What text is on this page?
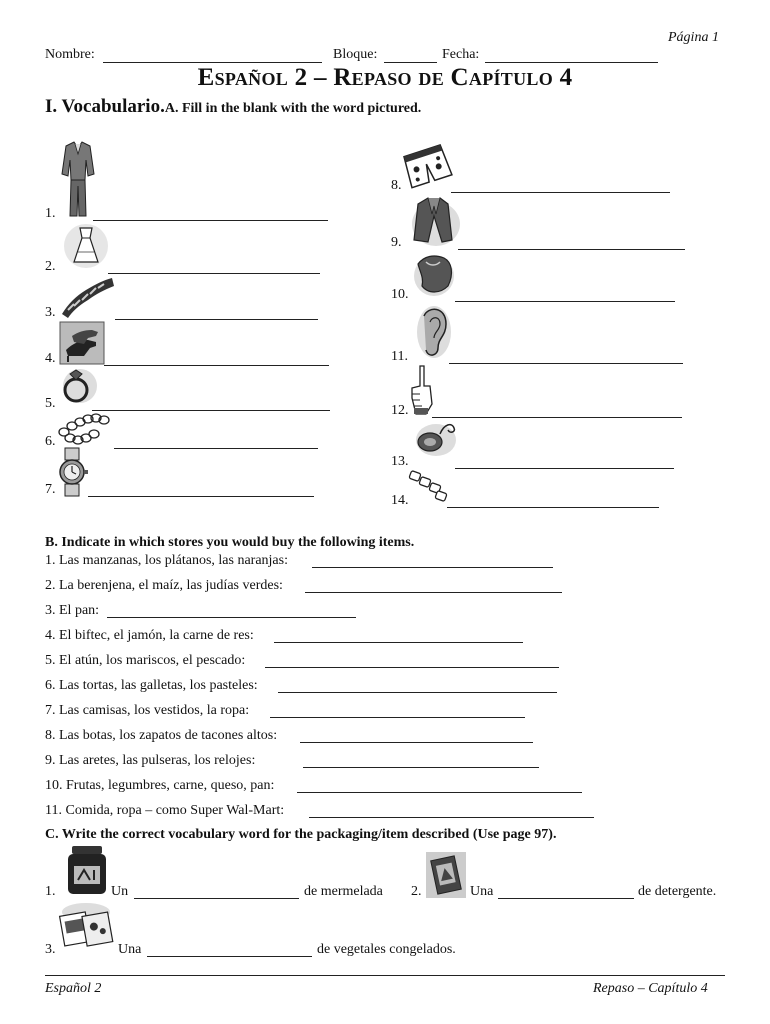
Página 1
Nombre:	Bloque:	Fecha:
Español 2 – Repaso de Capítulo 4
I. Vocabulario.A. Fill in the blank with the word pictured.
1.
2.
3.
4.
5.
6.
7.
8.
9.
10.
11.
12.
13.
14.
B. Indicate in which stores you would buy the following items.
1. Las manzanas, los plátanos, las naranjas:
2. La berenjena, el maíz, las judías verdes:
3. El pan:
4. El biftec, el jamón, la carne de res:
5. El atún, los mariscos, el pescado:
6. Las tortas, las galletas, los pasteles:
7. Las camisas, los vestidos, la ropa:
8. Las botas, los zapatos de tacones altos:
9. Las aretes, las pulseras, los relojes:
10. Frutas, legumbres, carne, queso, pan:
11. Comida, ropa – como Super Wal-Mart:
C. Write the correct vocabulary word for the packaging/item described (Use page 97).
1.	Un	de mermelada 2.	Una	de detergente.
3.	Una	de vegetales congelados.
Español 2	Repaso – Capítulo 4
